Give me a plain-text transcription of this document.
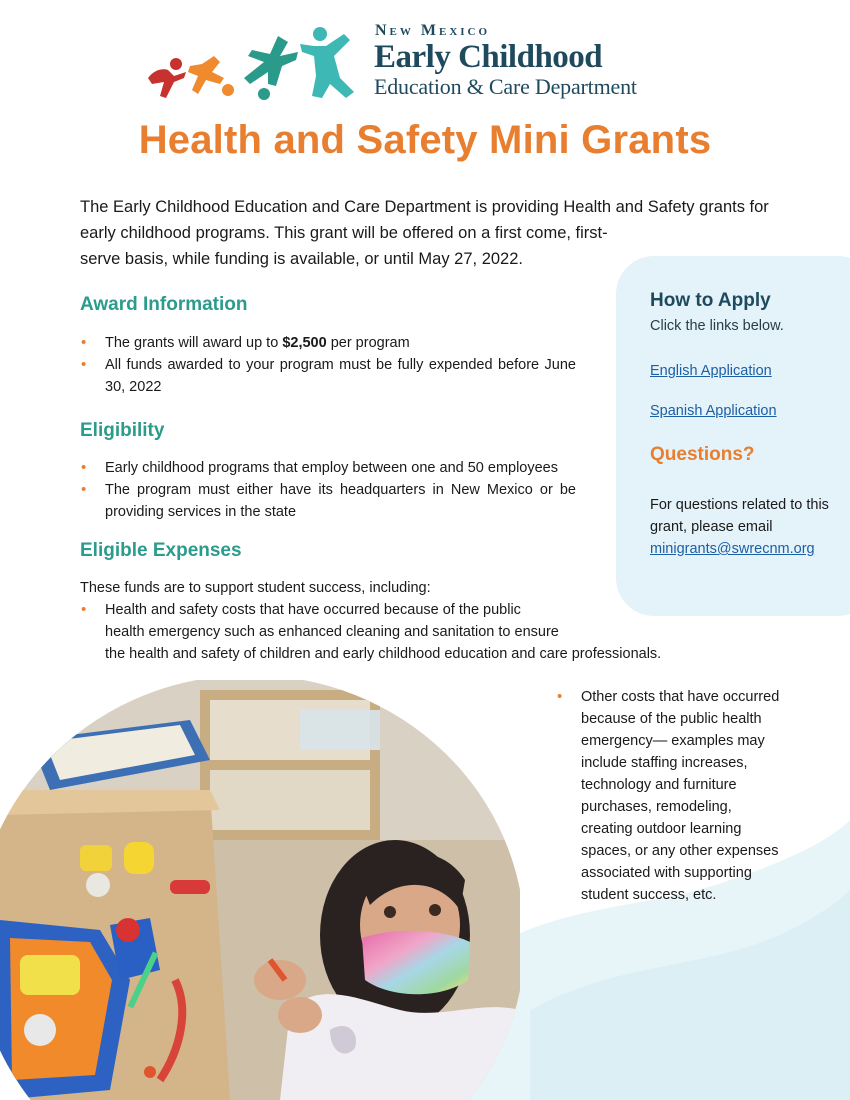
New Mexico
Early Childhood
Education & Care Department
Health and Safety Mini Grants

The Early Childhood Education and Care Department is providing Health and Safety grants for

early childhood programs. This grant will be offered on a first come, first-

serve basis, while funding is available, or until May 27, 2022.

How to Apply
Click the links below.
English Application
Spanish Application
Questions?
For questions related to this grant, please email
minigrants@swrecnm.org
Award Information
• The grants will award up to $2,500 per program
• All funds awarded to your program must be fully expended before June 30, 2022
Eligibility
• Early childhood programs that employ between one and 50 employees
• The program must either have its headquarters in New Mexico or be providing services in the state
Eligible Expenses
These funds are to support student success, including:
• Health and safety costs that have occurred because of the public
health emergency such as enhanced cleaning and sanitation to ensure
the health and safety of children and early childhood education and care professionals.
• Other costs that have occurred because of the public health emergency— examples may include staffing increases, technology and furniture purchases, remodeling, creating outdoor learning spaces, or any other expenses associated with supporting student success, etc.
